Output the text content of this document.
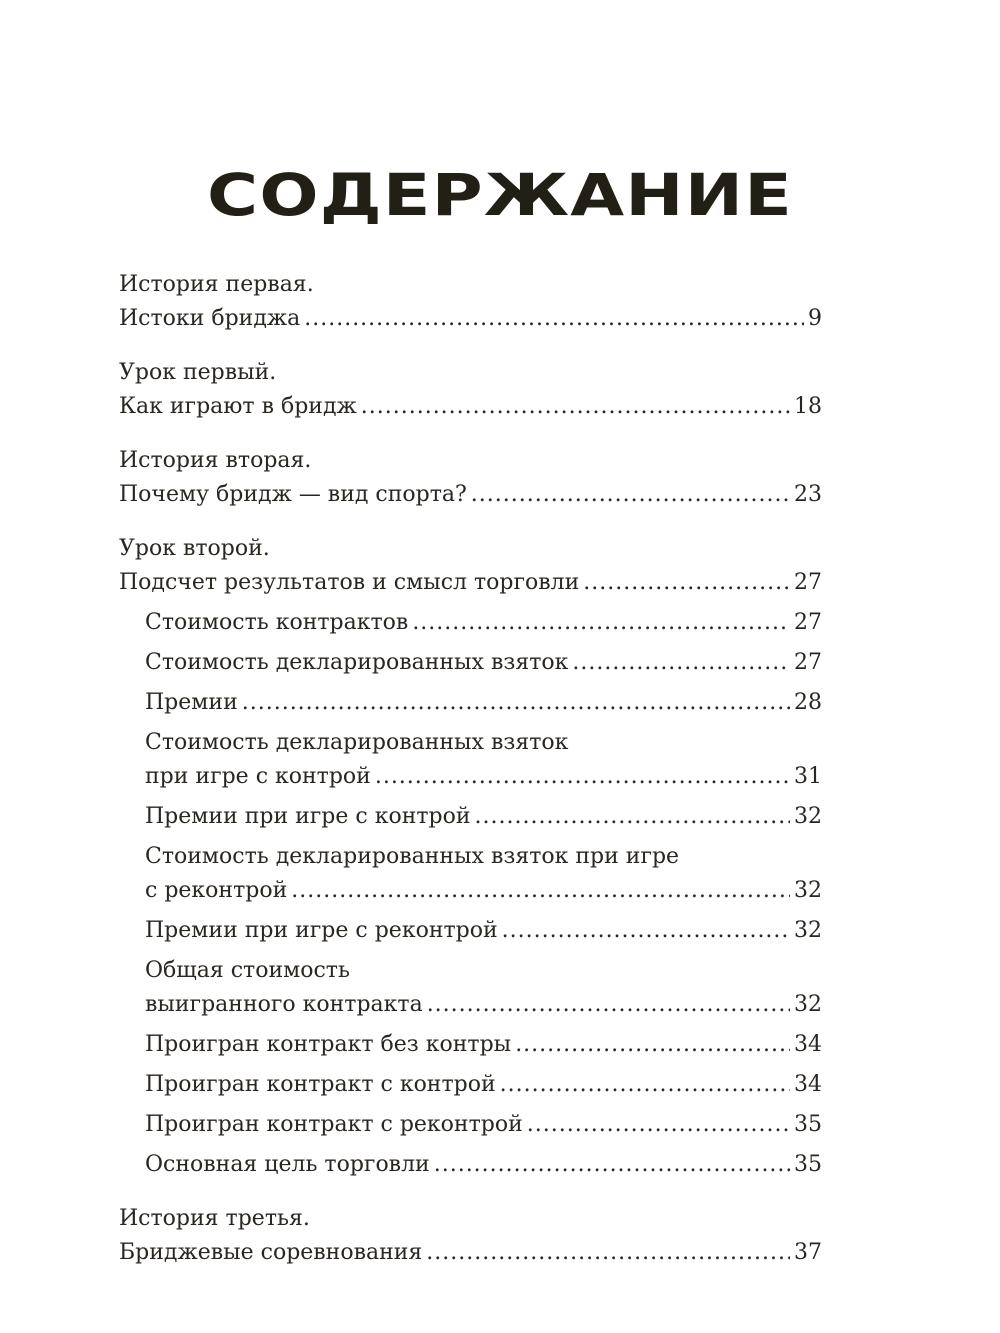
СОДЕРЖАНИЕ
История первая.
Истоки бриджа .....	9
Урок первый.
Как играют в бридж .....	18
История вторая.
Почему бридж — вид спорта? .....	23
Урок второй.
Подсчет результатов и смысл торговли .....	27
Стоимость контрактов .....	27
Стоимость декларированных взяток .....	27
Премии .....	28
Стоимость декларированных взяток
при игре с контрой .....	31
Премии при игре с контрой .....	32
Стоимость декларированных взяток при игре
с реконтрой .....	32
Премии при игре с реконтрой .....	32
Общая стоимость
выигранного контракта .....	32
Проигран контракт без контры .....	34
Проигран контракт с контрой .....	34
Проигран контракт с реконтрой .....	35
Основная цель торговли .....	35
История третья.
Бриджевые соревнования .....	37
